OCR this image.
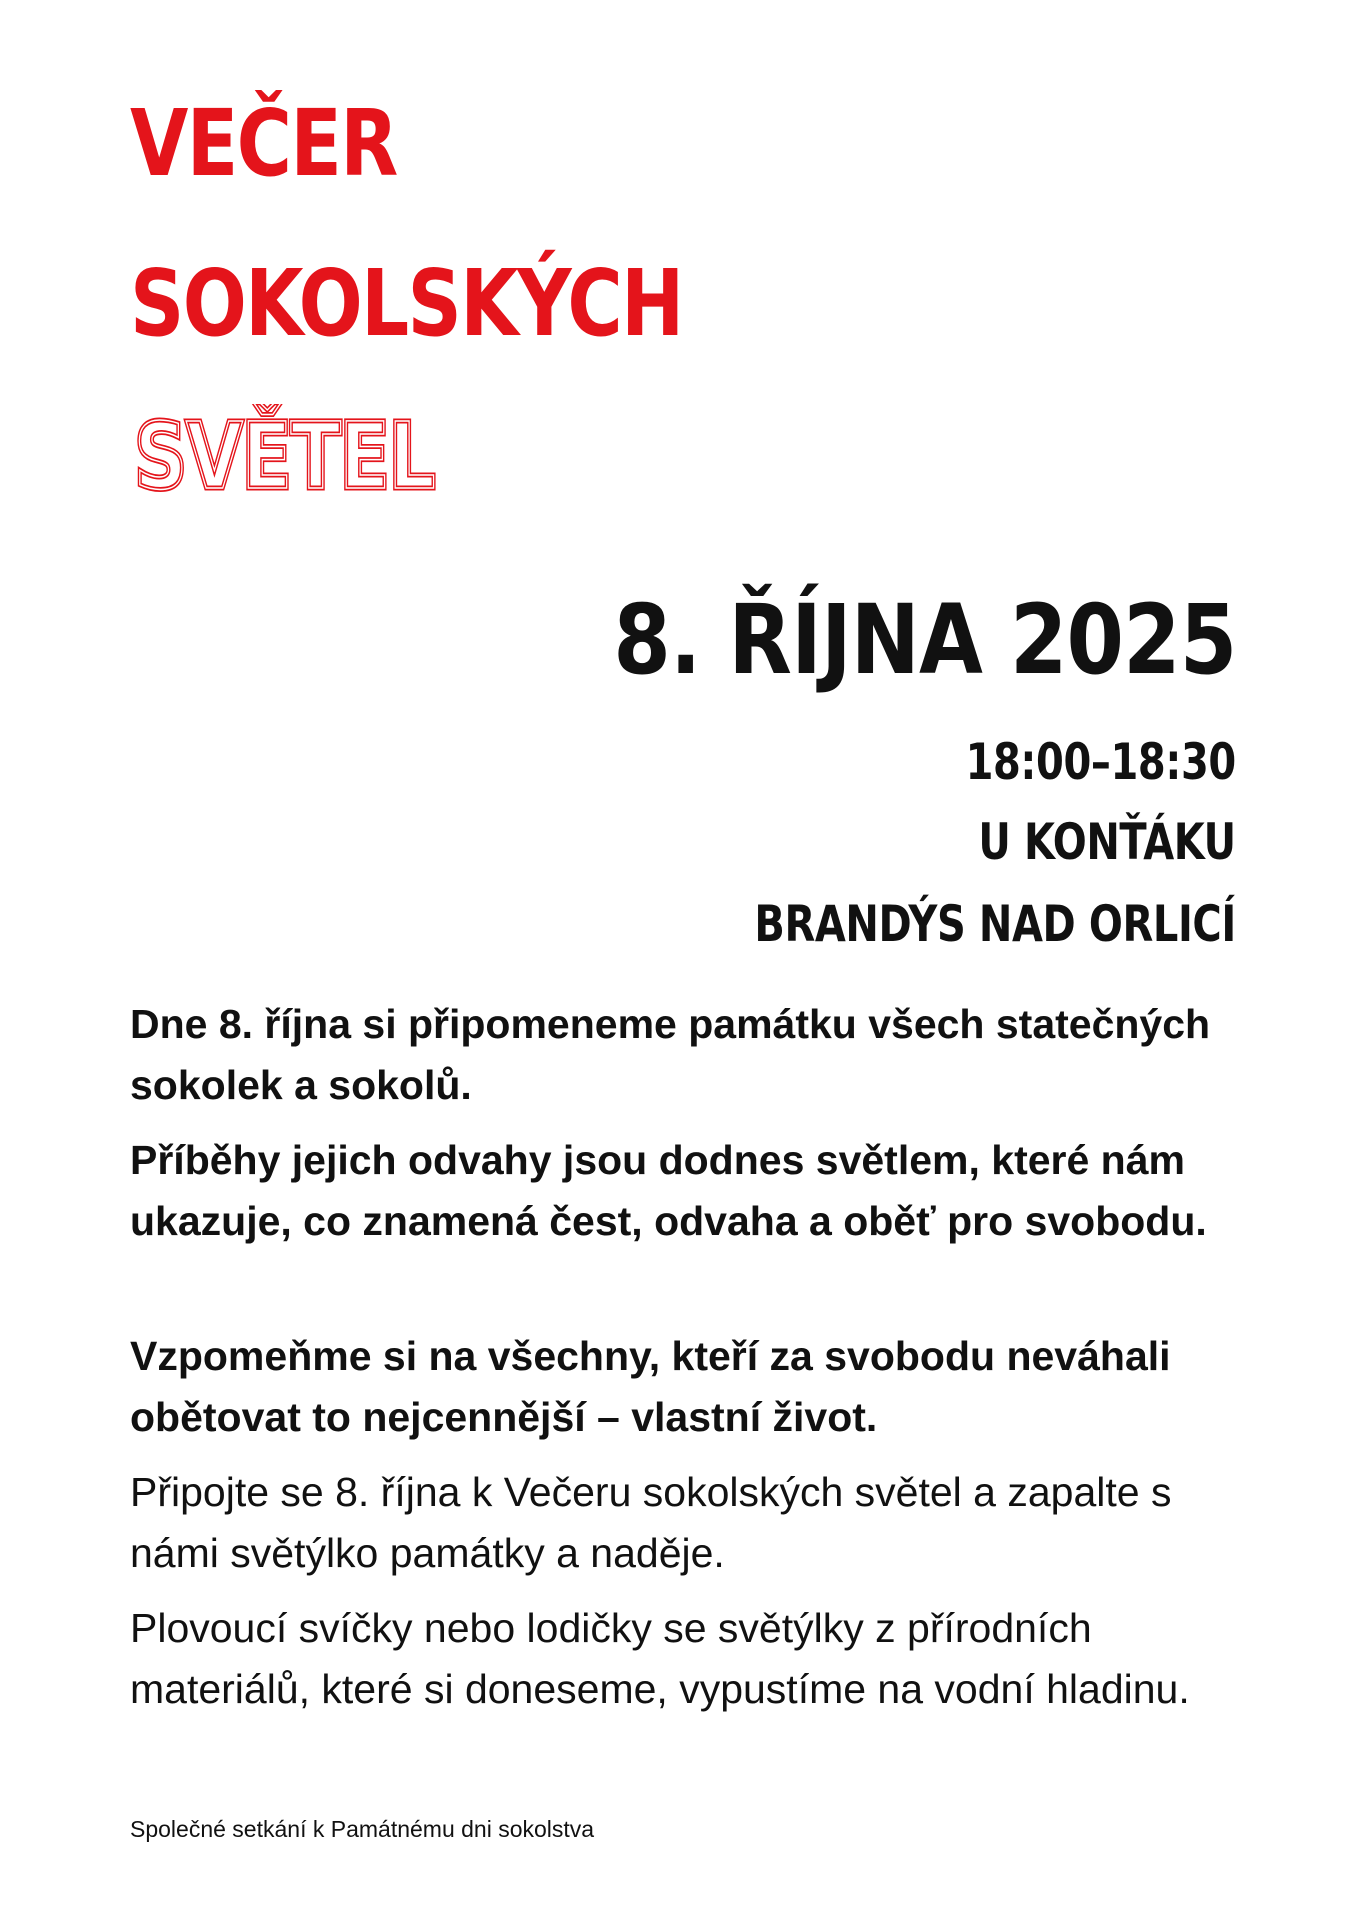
VEČER
SOKOLSKÝCH
SVĚT
SVĚT
8. ŘÍJNA 2025
18:00–18:30
U KONŤÁKU
BRANDÝS NAD ORLICÍ

Dne 8. října si připomeneme památku všech statečných sokolek a sokolů.

Příběhy jejich odvahy jsou dodnes světlem, které nám ukazuje, co znamená čest, odvaha a oběť pro svobodu.

Vzpomeňme si na všechny, kteří za svobodu neváhali obětovat to nejcennější – vlastní život.

Připojte se 8. října k Večeru sokolských světel a zapalte s námi světýlko památky a naděje.

Plovoucí svíčky nebo lodičky se světýlky z přírodních materiálů, které si doneseme, vypustíme na vodní hladinu.

Společné setkání k Památnému dni sokolstva
